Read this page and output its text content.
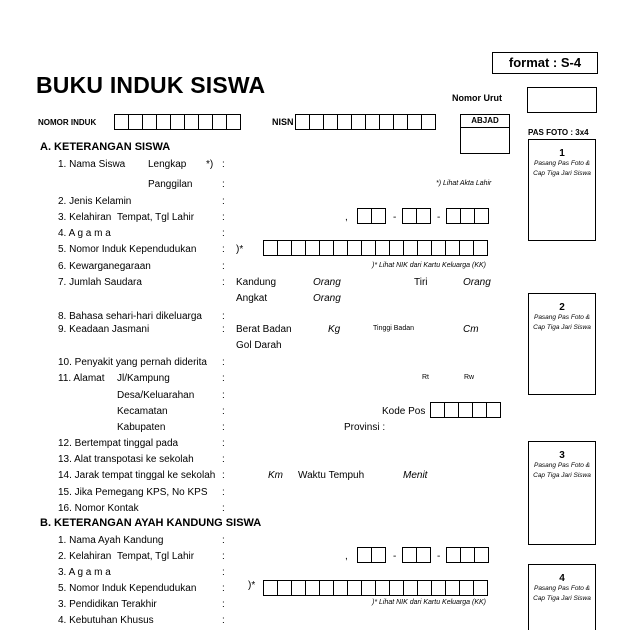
format : S-4
BUKU INDUK SISWA	Nomor Urut
NOMOR INDUK	NISN	ABJAD
PAS FOTO : 3x4
1
Pasang Pas Foto & Cap Tiga Jari Siswa
2
Pasang Pas Foto & Cap Tiga Jari Siswa
3
Pasang Pas Foto & Cap Tiga Jari Siswa
4
Pasang Pas Foto & Cap Tiga Jari Siswa
A. KETERANGAN SISWA
1. Nama Siswa Lengkap *) :
Panggilan	:	*) Lihat Akta Lahir
2. Jenis Kelamin	:
3. Kelahiran Tempat, Tgl Lahir	:	,	-	-
4. A g a m a	:
5. Nomor Induk Kependudukan	: )*
6. Kewarganegaraan	:	)* Lihat NIK dari Kartu Keluarga (KK)
7. Jumlah Saudara	: Kandung	Orang	Tiri	Orang
Angkat	Orang
8. Bahasa sehari-hari dikeluarga :
9. Keadaan Jasmani	: Berat Badan	Kg	Tinggi Badan	Cm
Gol Darah
10. Penyakit yang pernah diderita :
11. Alamat Jl/Kampung	:	Rt	Rw
Desa/Keluarahan	:
Kecamatan	:	Kode Pos
Kabupaten	:	Provinsi :
12. Bertempat tinggal pada	:
13. Alat transpotasi ke sekolah	:
14. Jarak tempat tinggal ke sekolah :	Km Waktu Tempuh	Menit
15. Jika Pemegang KPS, No KPS :
16. Nomor Kontak	:
B. KETERANGAN AYAH KANDUNG SISWA
1. Nama Ayah Kandung	:
2. Kelahiran Tempat, Tgl Lahir	:	,	-	-
3. A g a m a	:
5. Nomor Induk Kependudukan	: )*
3. Pendidikan Terakhir	:	)* Lihat NIK dari Kartu Keluarga (KK)
4. Kebutuhan Khusus	:
